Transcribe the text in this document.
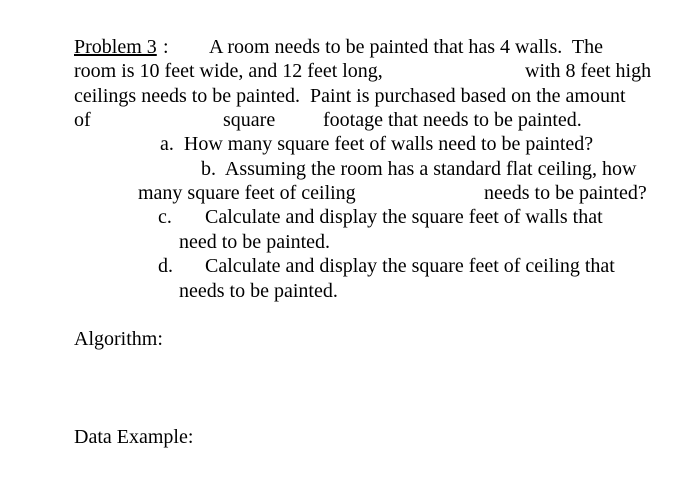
Problem 3 : A room needs to be painted that has 4 walls.  The
room is 10 feet wide, and 12 feet long,	with 8 feet high
ceilings needs to be painted.  Paint is purchased based on the amount
of	square footage that needs to be painted.
a.  How many square feet of walls need to be painted?
b.  Assuming the room has a standard flat ceiling, how
many square feet of ceiling	needs to be painted?
c. Calculate and display the square feet of walls that
need to be painted.
d. Calculate and display the square feet of ceiling that
needs to be painted.
Algorithm:
Data Example:
